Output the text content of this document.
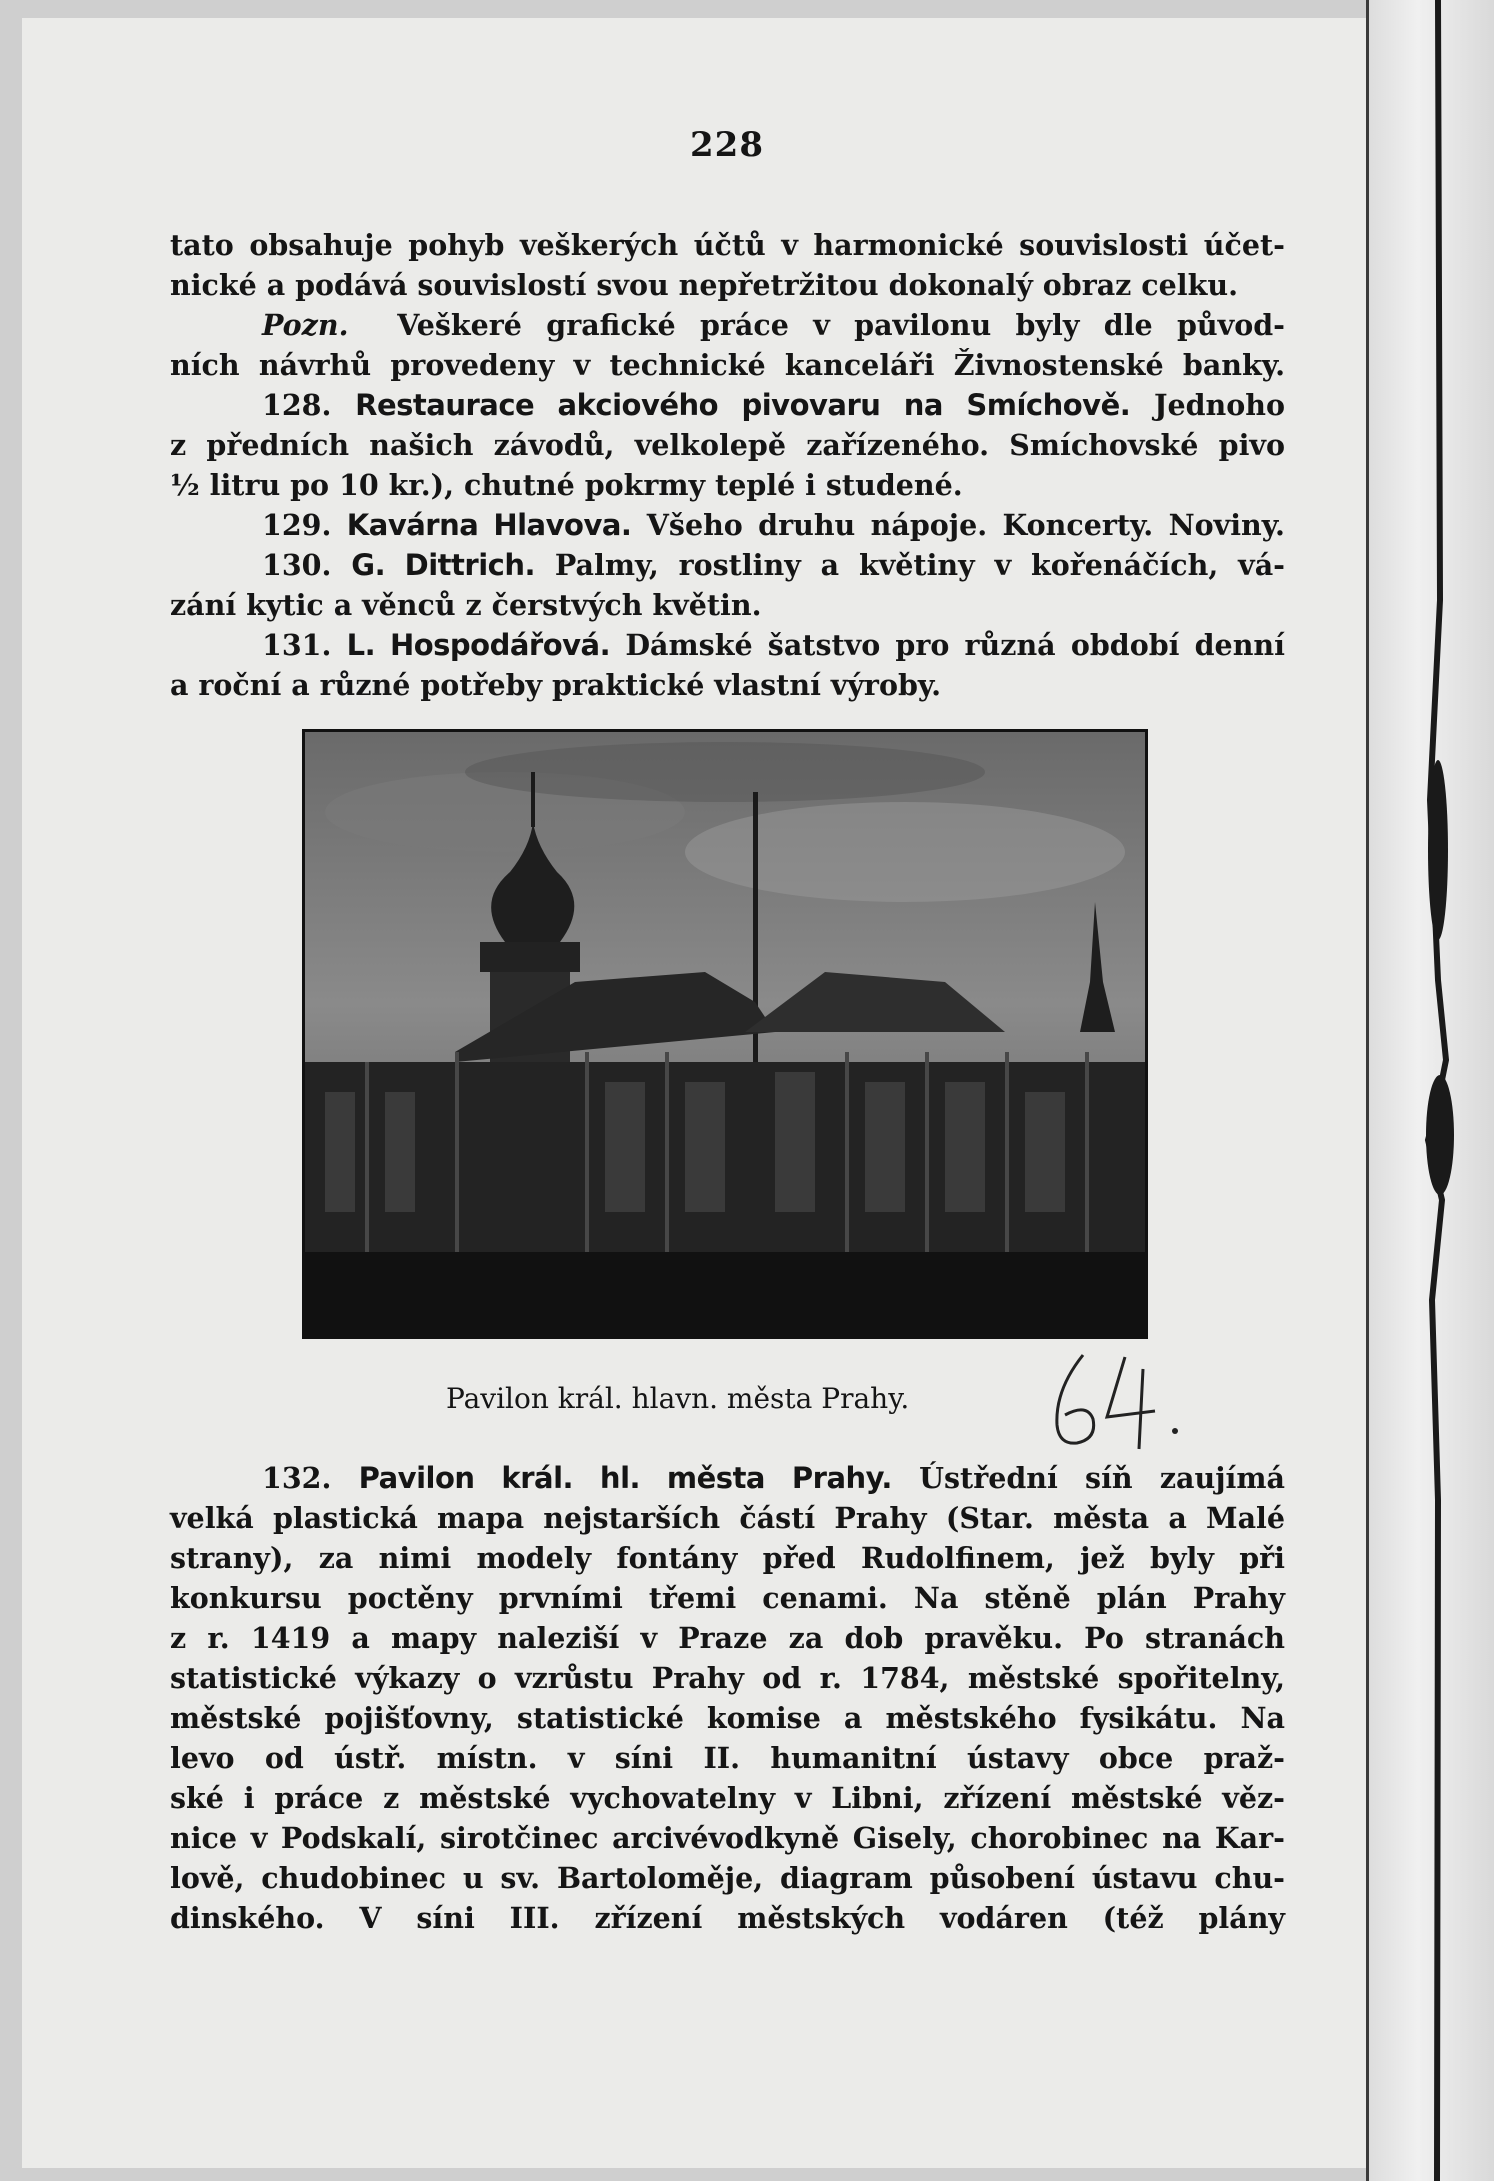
228
tato obsahuje pohyb veškerých účtů v harmonické souvislosti účet-
nické a podává souvislostí svou nepřetržitou dokonalý obraz celku.
Pozn. Veškeré grafické práce v pavilonu byly dle původ-
ních návrhů provedeny v technické kanceláři Živnostenské banky.
128. Restaurace akciového pivovaru na Smíchově. Jednoho
z předních našich závodů, velkolepě zařízeného. Smíchovské pivo
½ litru po 10 kr.), chutné pokrmy teplé i studené.
129. Kavárna Hlavova. Všeho druhu nápoje. Koncerty. Noviny.
130. G. Dittrich. Palmy, rostliny a květiny v kořenáčích, vá-
zání kytic a věnců z čerstvých květin.
131. L. Hospodářová. Dámské šatstvo pro různá období denní
a roční a různé potřeby praktické vlastní výroby.
Pavilon král. hlavn. města Prahy.
132. Pavilon král. hl. města Prahy. Ústřední síň zaujímá
velká plastická mapa nejstarších částí Prahy (Star. města a Malé
strany), za nimi modely fontány před Rudolfinem, jež byly při
konkursu poctěny prvními třemi cenami. Na stěně plán Prahy
z r. 1419 a mapy naleziší v Praze za dob pravěku. Po stranách
statistické výkazy o vzrůstu Prahy od r. 1784, městské spořitelny,
městské pojišťovny, statistické komise a městského fysikátu. Na
levo od ústř. místn. v síni II. humanitní ústavy obce praž-
ské i práce z městské vychovatelny v Libni, zřízení městské věz-
nice v Podskalí, sirotčinec arcivévodkyně Gisely, chorobinec na Kar-
lově, chudobinec u sv. Bartoloměje, diagram působení ústavu chu-
dinského. V síni III. zřízení městských vodáren (též plány
